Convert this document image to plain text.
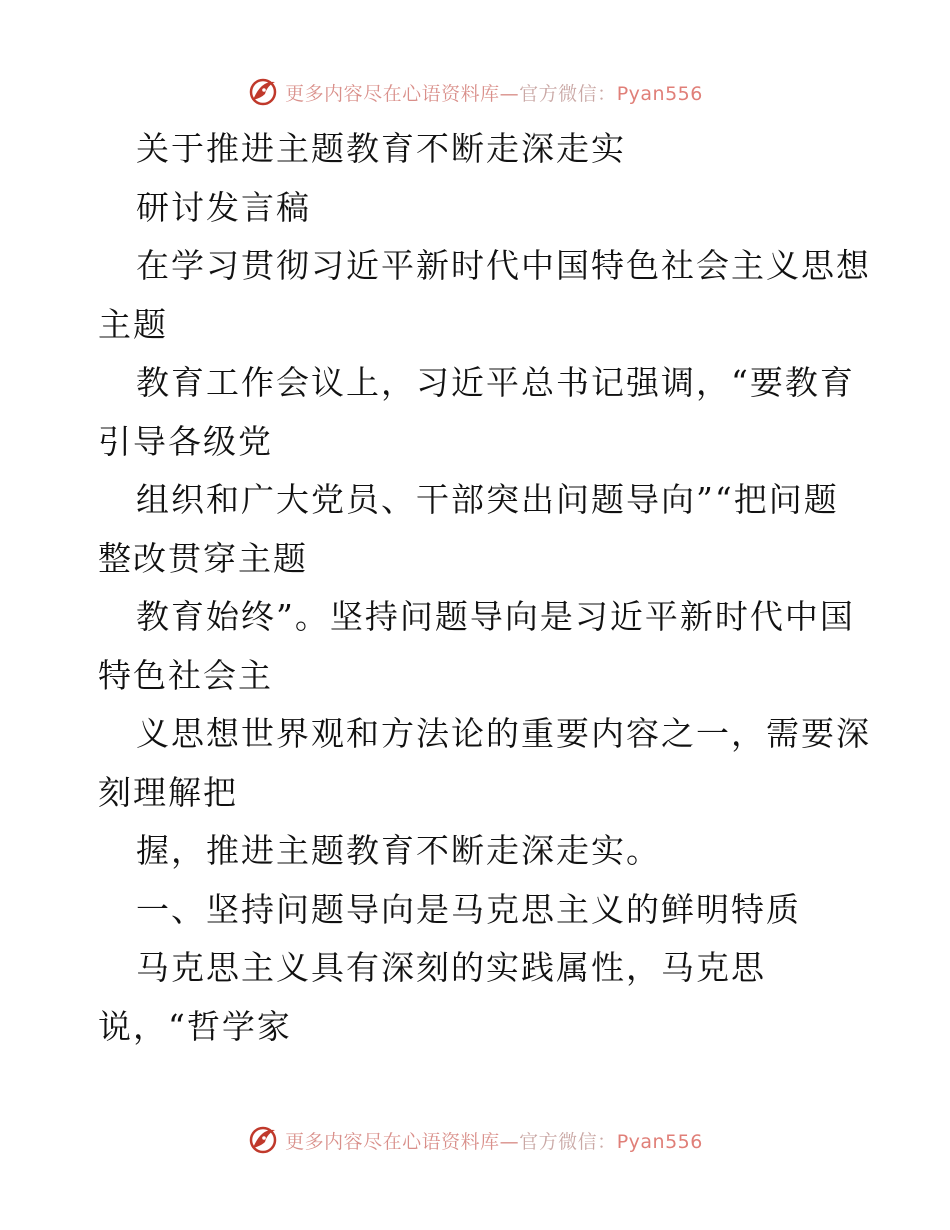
更多内容尽在心语资料库—官方微信：Pyan556
关于推进主题教育不断走深走实
研讨发言稿
在学习贯彻习近平新时代中国特色社会主义思想
主题
教育工作会议上，习近平总书记强调，“要教育
引导各级党
组织和广大党员、干部突出问题导向”“把问题
整改贯穿主题
教育始终”。坚持问题导向是习近平新时代中国
特色社会主
义思想世界观和方法论的重要内容之一，需要深
刻理解把
握，推进主题教育不断走深走实。
一、坚持问题导向是马克思主义的鲜明特质
马克思主义具有深刻的实践属性，马克思
说，“哲学家
更多内容尽在心语资料库—官方微信：Pyan556
